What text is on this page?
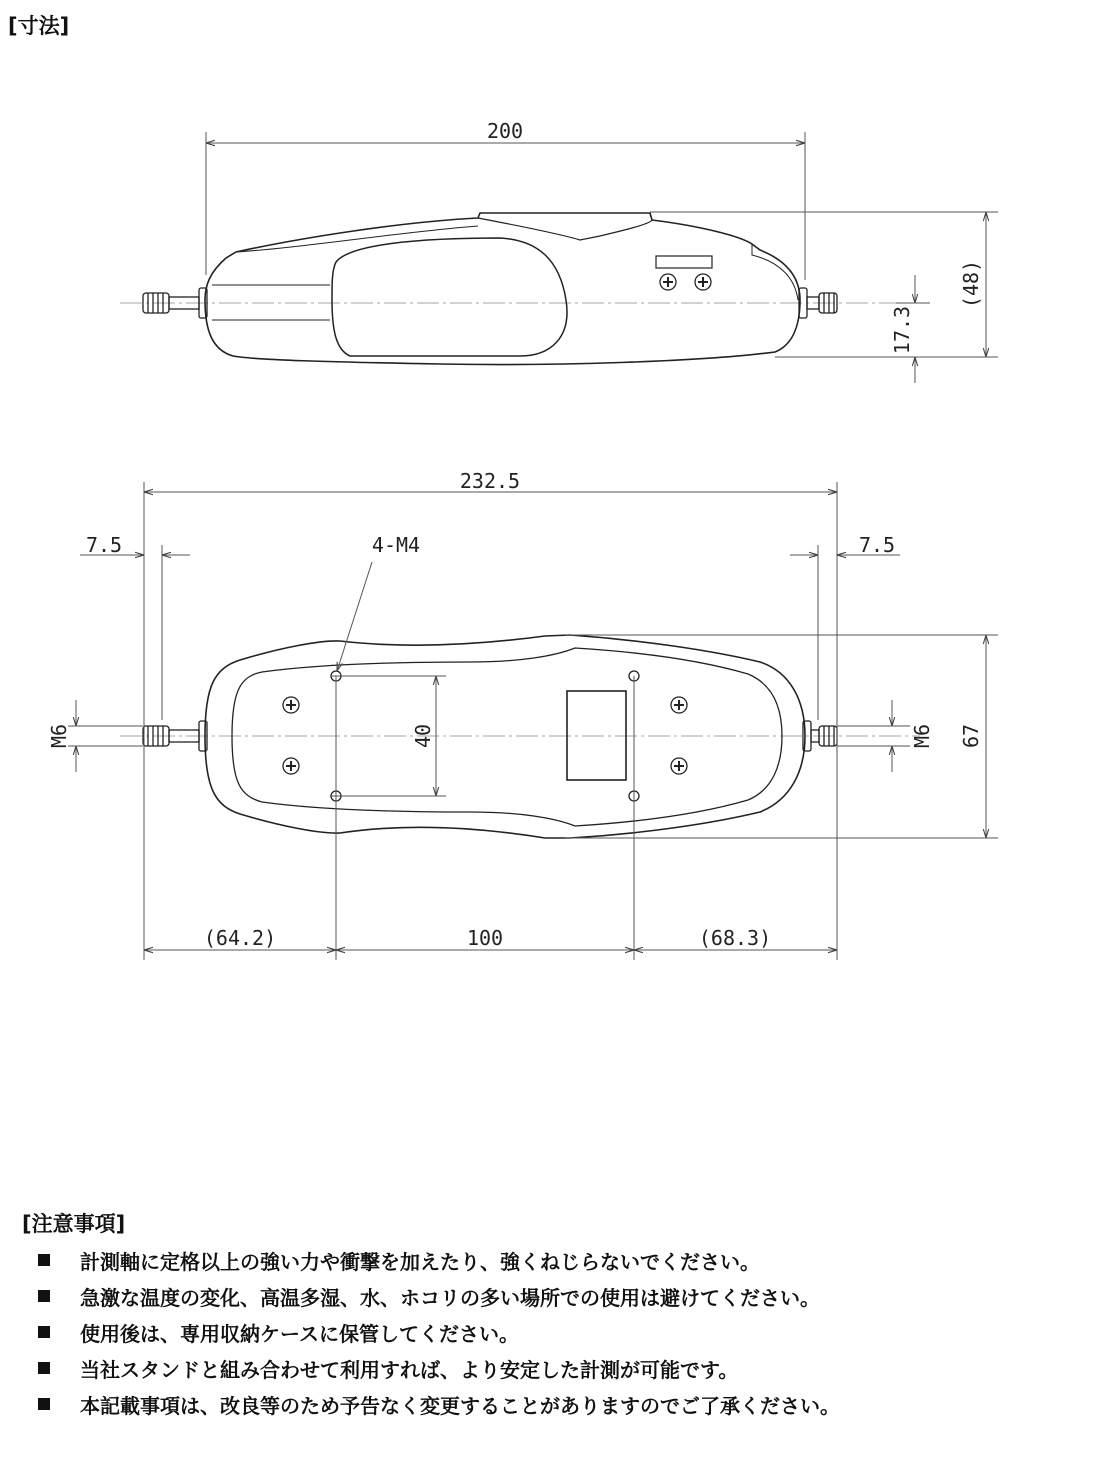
[寸法]
200
(48)
17.3
232.5
7.5	7.5
4-M4
M6	M6
40	67
(64.2)	100	(68.3)
[注意事項]
計測軸に定格以上の強い力や衝撃を加えたり、強くねじらないでください。
急激な温度の変化、高温多湿、水、ホコリの多い場所での使用は避けてください。
使用後は、専用収納ケースに保管してください。
当社スタンドと組み合わせて利用すれば、より安定した計測が可能です。
本記載事項は、改良等のため予告なく変更することがありますのでご了承ください。
